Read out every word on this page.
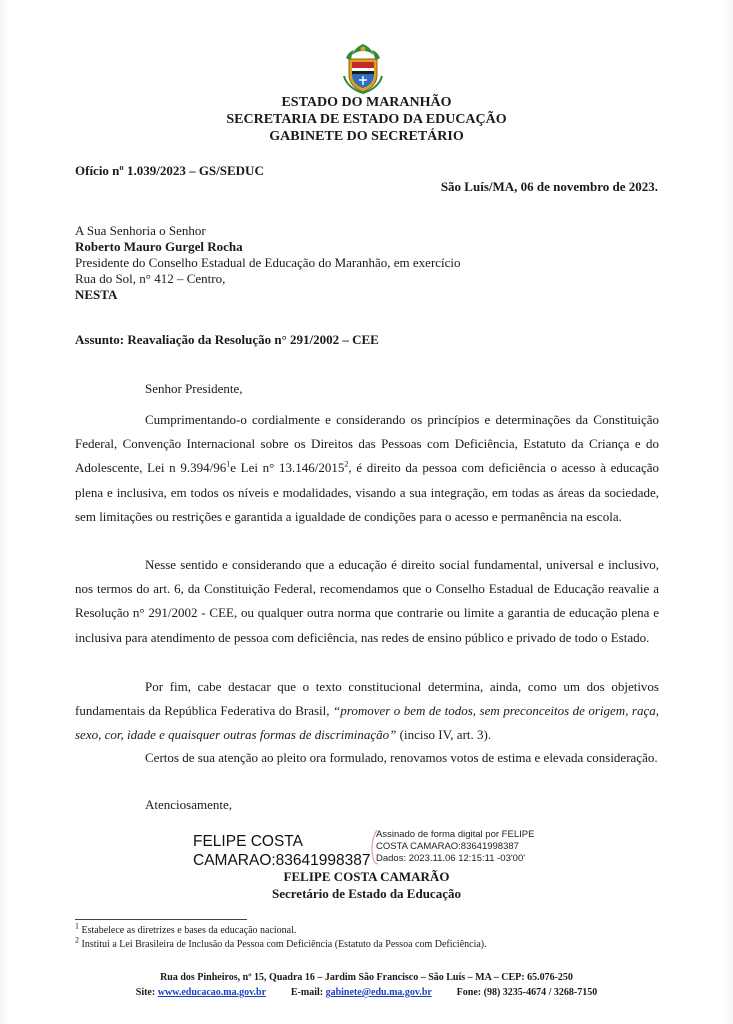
ESTADO DO MARANHÃO
SECRETARIA DE ESTADO DA EDUCAÇÃO
GABINETE DO SECRETÁRIO
Ofício nº 1.039/2023 – GS/SEDUC
São Luís/MA, 06 de novembro de 2023.
A Sua Senhoria o Senhor
Roberto Mauro Gurgel Rocha
Presidente do Conselho Estadual de Educação do Maranhão, em exercício
Rua do Sol, n° 412 – Centro,
NESTA
Assunto: Reavaliação da Resolução n° 291/2002 – CEE
Senhor Presidente,
Cumprimentando-o cordialmente e considerando os princípios e determinações da Constituição Federal, Convenção Internacional sobre os Direitos das Pessoas com Deficiência, Estatuto da Criança e do Adolescente, Lei n $9.394/96^1e$ Lei n° 13.146/2015$^2$, é direito da pessoa com deficiência o acesso à educação plena e inclusiva, em todos os níveis e modalidades, visando a sua integração, em todas as áreas da sociedade, sem limitações ou restrições e garantida a igualdade de condições para o acesso e permanência na escola.
Nesse sentido e considerando que a educação é direito social fundamental, universal e inclusivo, nos termos do art. 6, da Constituição Federal, recomendamos que o Conselho Estadual de Educação reavalie a Resolução n° 291/2002 - CEE, ou qualquer outra norma que contrarie ou limite a garantia de educação plena e inclusiva para atendimento de pessoa com deficiência, nas redes de ensino público e privado de todo o Estado.
Por fim, cabe destacar que o texto constitucional determina, ainda, como um dos objetivos fundamentais da República Federativa do Brasil, “promover o bem de todos, sem preconceitos de origem, raça, sexo, cor, idade e quaisquer outras formas de discriminação” (inciso IV, art. 3).
Certos de sua atenção ao pleito ora formulado, renovamos votos de estima e elevada consideração.
Atenciosamente,
FELIPE COSTA
CAMARAO:83641998387
Assinado de forma digital por FELIPE
COSTA CAMARAO:83641998387
Dados: 2023.11.06 12:15:11 -03'00'
FELIPE COSTA CAMARÃO
Secretário de Estado da Educação
$^1$ Estabelece as diretrizes e bases da educação nacional.
$^2$ Institui a Lei Brasileira de Inclusão da Pessoa com Deficiência (Estatuto da Pessoa com Deficiência).
Rua dos Pinheiros, nº 15, Quadra 16 – Jardim São Francisco – São Luís – MA – CEP: 65.076-250
Site: www.educacao.ma.gov.br	E-mail: gabinete@edu.ma.gov.br	Fone: (98) 3235-4674 / 3268-7150
